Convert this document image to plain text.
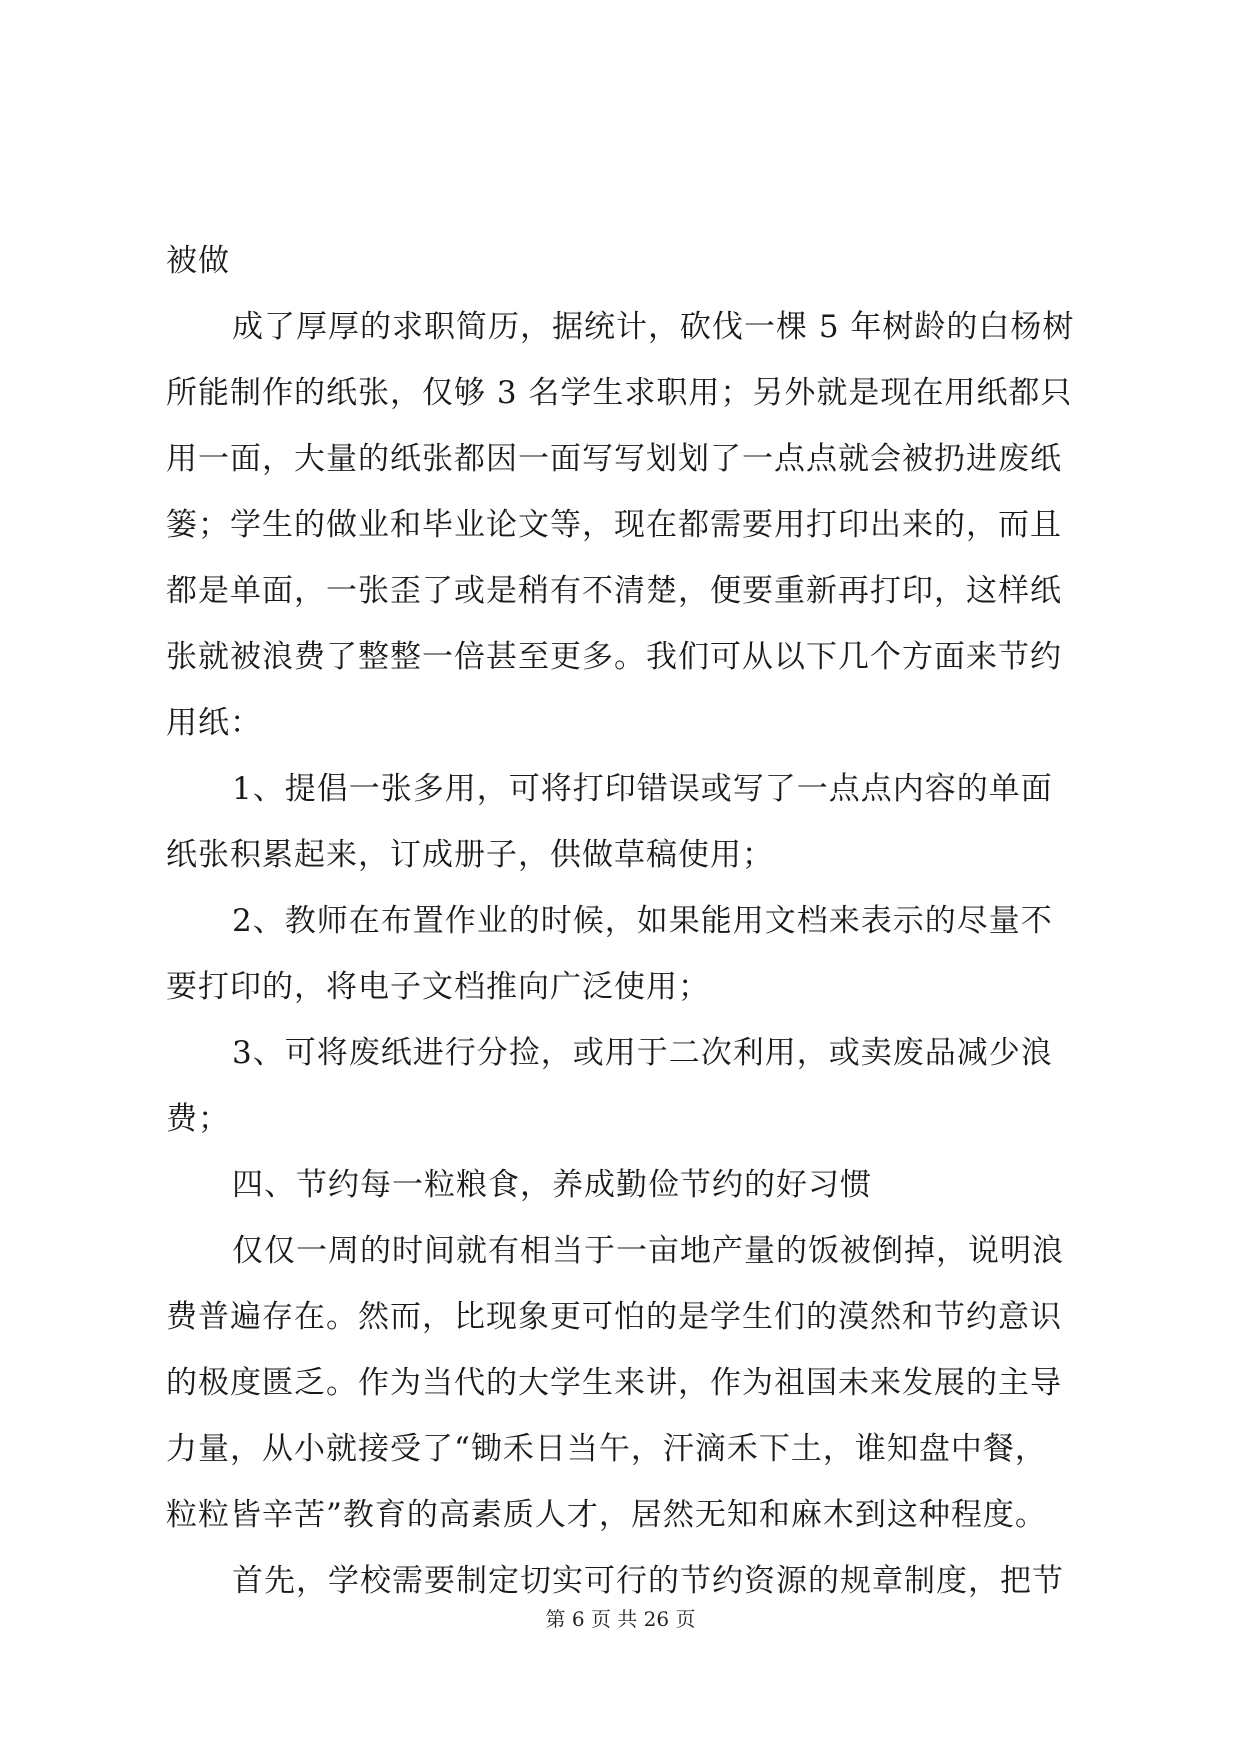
被做

成了厚厚的求职简历，据统计，砍伐一棵 5 年树龄的白杨树

所能制作的纸张，仅够 3 名学生求职用；另外就是现在用纸都只

用一面，大量的纸张都因一面写写划划了一点点就会被扔进废纸

篓；学生的做业和毕业论文等，现在都需要用打印出来的，而且

都是单面，一张歪了或是稍有不清楚，便要重新再打印，这样纸

张就被浪费了整整一倍甚至更多。我们可从以下几个方面来节约

用纸：

1、提倡一张多用，可将打印错误或写了一点点内容的单面

纸张积累起来，订成册子，供做草稿使用；

2、教师在布置作业的时候，如果能用文档来表示的尽量不

要打印的，将电子文档推向广泛使用；

3、可将废纸进行分捡，或用于二次利用，或卖废品减少浪

费；

四、节约每一粒粮食，养成勤俭节约的好习惯

仅仅一周的时间就有相当于一亩地产量的饭被倒掉，说明浪

费普遍存在。然而，比现象更可怕的是学生们的漠然和节约意识

的极度匮乏。作为当代的大学生来讲，作为祖国未来发展的主导

力量，从小就接受了“锄禾日当午，汗滴禾下土，谁知盘中餐，

粒粒皆辛苦”教育的高素质人才，居然无知和麻木到这种程度。

首先，学校需要制定切实可行的节约资源的规章制度，把节

第 6 页 共 26 页
